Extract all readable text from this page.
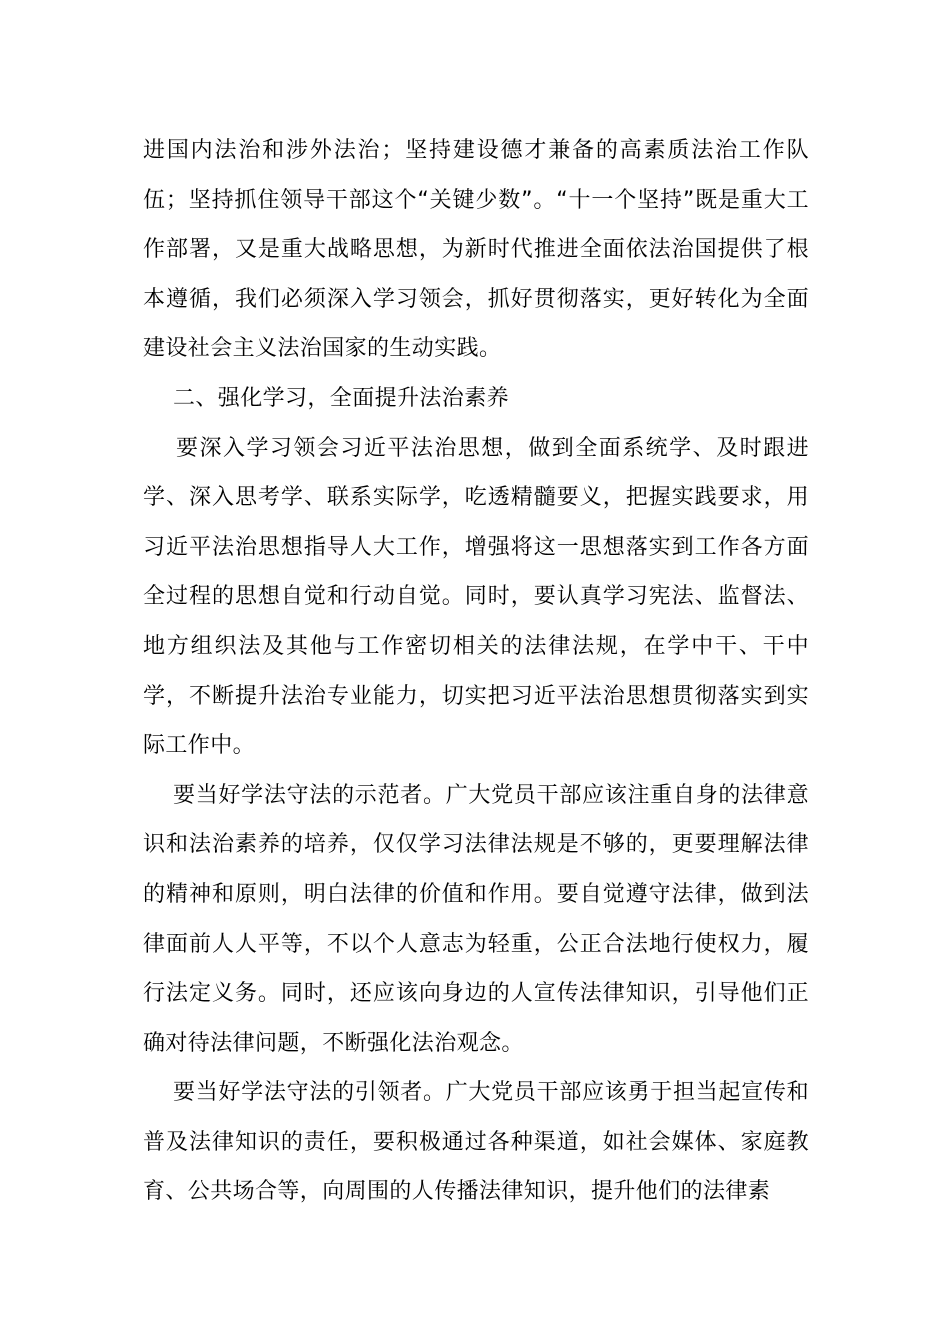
进国内法治和涉外法治；坚持建设德才兼备的高素质法治工作队伍；坚持抓住领导干部这个“关键少数”。“十一个坚持”既是重大工作部署，又是重大战略思想，为新时代推进全面依法治国提供了根本遵循，我们必须深入学习领会，抓好贯彻落实，更好转化为全面建设社会主义法治国家的生动实践。

二、强化学习，全面提升法治素养

要深入学习领会习近平法治思想，做到全面系统学、及时跟进学、深入思考学、联系实际学，吃透精髓要义，把握实践要求，用习近平法治思想指导人大工作，增强将这一思想落实到工作各方面全过程的思想自觉和行动自觉。同时，要认真学习宪法、监督法、地方组织法及其他与工作密切相关的法律法规，在学中干、干中学，不断提升法治专业能力，切实把习近平法治思想贯彻落实到实际工作中。

要当好学法守法的示范者。广大党员干部应该注重自身的法律意识和法治素养的培养，仅仅学习法律法规是不够的，更要理解法律的精神和原则，明白法律的价值和作用。要自觉遵守法律，做到法律面前人人平等，不以个人意志为轻重，公正合法地行使权力，履行法定义务。同时，还应该向身边的人宣传法律知识，引导他们正确对待法律问题，不断强化法治观念。

要当好学法守法的引领者。广大党员干部应该勇于担当起宣传和普及法律知识的责任，要积极通过各种渠道，如社会媒体、家庭教育、公共场合等，向周围的人传播法律知识，提升他们的法律素
